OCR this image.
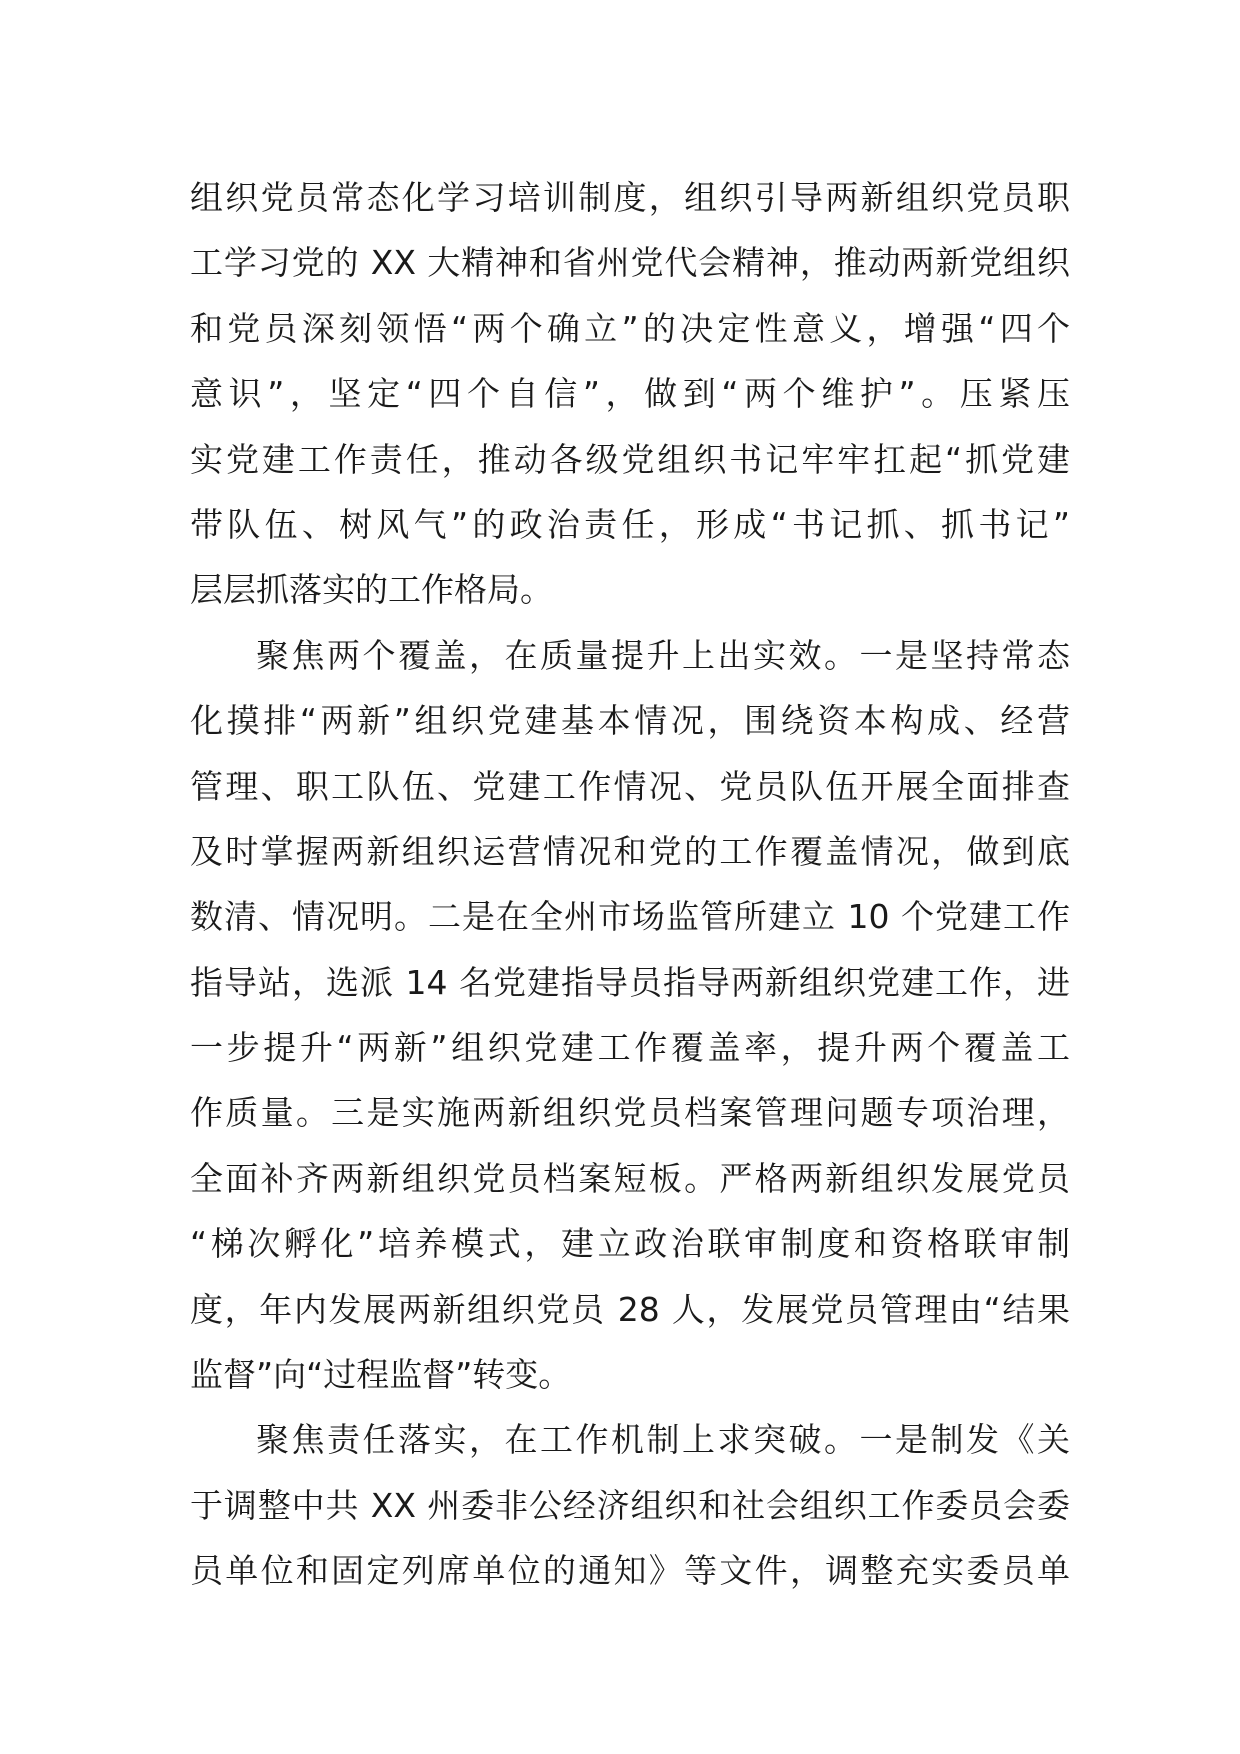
组织党员常态化学习培训制度，组织引导两新组织党员职
工学习党的 XX 大精神和省州党代会精神，推动两新党组织
和党员深刻领悟“两个确立”的决定性意义，增强“四个
意识”，坚定“四个自信”，做到“两个维护”。压紧压
实党建工作责任，推动各级党组织书记牢牢扛起“抓党建
带队伍、树风气”的政治责任，形成“书记抓、抓书记”
层层抓落实的工作格局。
聚焦两个覆盖，在质量提升上出实效。一是坚持常态
化摸排“两新”组织党建基本情况，围绕资本构成、经营
管理、职工队伍、党建工作情况、党员队伍开展全面排查
及时掌握两新组织运营情况和党的工作覆盖情况，做到底
数清、情况明。二是在全州市场监管所建立 10 个党建工作
指导站，选派 14 名党建指导员指导两新组织党建工作，进
一步提升“两新”组织党建工作覆盖率，提升两个覆盖工
作质量。三是实施两新组织党员档案管理问题专项治理，
全面补齐两新组织党员档案短板。严格两新组织发展党员
“梯次孵化”培养模式，建立政治联审制度和资格联审制
度，年内发展两新组织党员 28 人，发展党员管理由“结果
监督”向“过程监督”转变。
聚焦责任落实，在工作机制上求突破。一是制发《关
于调整中共 XX 州委非公经济组织和社会组织工作委员会委
员单位和固定列席单位的通知》等文件，调整充实委员单
